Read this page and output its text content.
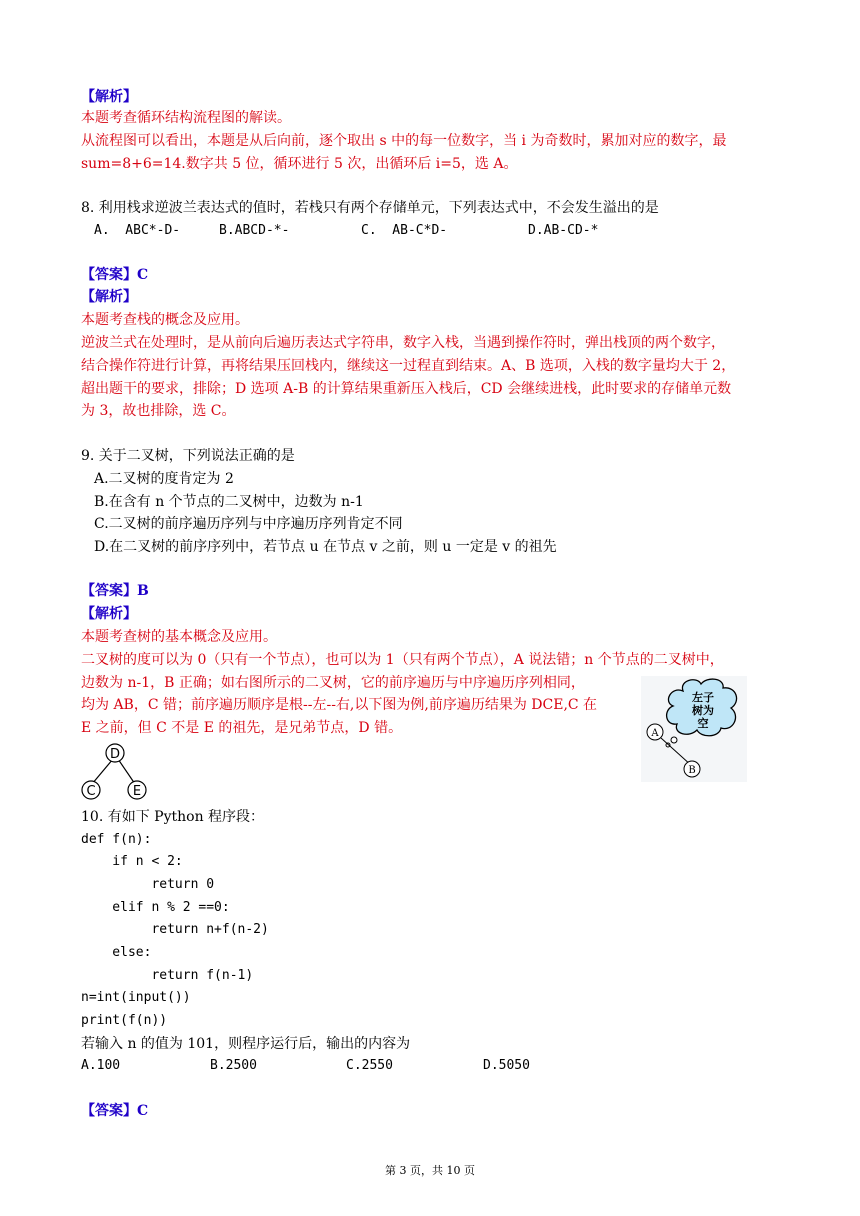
【解析】
本题考查循环结构流程图的解读。
从流程图可以看出，本题是从后向前，逐个取出 s 中的每一位数字，当 i 为奇数时，累加对应的数字，最
sum=8+6=14.数字共 5 位，循环进行 5 次，出循环后 i=5，选 A。
8. 利用栈求逆波兰表达式的值时，若栈只有两个存储单元，下列表达式中，不会发生溢出的是
A.  ABC*-D-	B.ABCD-*-	C.  AB-C*D-	D.AB-CD-*
【答案】C
【解析】
本题考查栈的概念及应用。
逆波兰式在处理时，是从前向后遍历表达式字符串，数字入栈，当遇到操作符时，弹出栈顶的两个数字，
结合操作符进行计算，再将结果压回栈内，继续这一过程直到结束。A、B 选项，入栈的数字量均大于 2，
超出题干的要求，排除；D 选项 A-B 的计算结果重新压入栈后，CD 会继续进栈，此时要求的存储单元数
为 3，故也排除，选 C。
9. 关于二叉树，下列说法正确的是
A.二叉树的度肯定为 2
B.在含有 n 个节点的二叉树中，边数为 n-1
C.二叉树的前序遍历序列与中序遍历序列肯定不同
D.在二叉树的前序序列中，若节点 u 在节点 v 之前，则 u 一定是 v 的祖先
【答案】B
【解析】
本题考查树的基本概念及应用。
二叉树的度可以为 0（只有一个节点），也可以为 1（只有两个节点），A 说法错；n 个节点的二叉树中，
边数为 n-1，B 正确；如右图所示的二叉树，它的前序遍历与中序遍历序列相同，
均为 AB，C 错；前序遍历顺序是根--左--右,以下图为例,前序遍历结果为 DCE,C 在
E 之前，但 C 不是 E 的祖先，是兄弟节点，D 错。
左子
树为
空
A
B
D
C	E
10. 有如下 Python 程序段：
def f(n):
if n < 2:
return 0
elif n % 2 ==0:
return n+f(n-2)
else:
return f(n-1)
n=int(input())
print(f(n))
若输入 n 的值为 101，则程序运行后，输出的内容为
A.100	B.2500	C.2550	D.5050
【答案】C
第 3 页，共 10 页
